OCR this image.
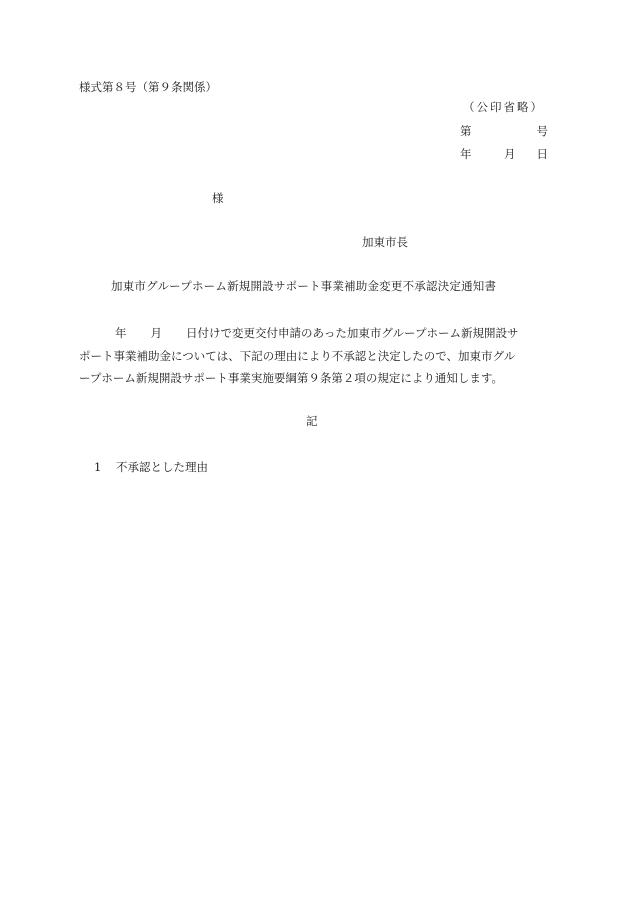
様式第８号（第９条関係）
（公印省略）
第	号
年	月 日
様
加東市長
加東市グループホーム新規開設サポート事業補助金変更不承認決定通知書
年 月 日付けで変更交付申請のあった加東市グループホーム新規開設サ
ポート事業補助金については、下記の理由により不承認と決定したので、加東市グル
ープホーム新規開設サポート事業実施要綱第９条第２項の規定により通知します。
記
1 不承認とした理由
